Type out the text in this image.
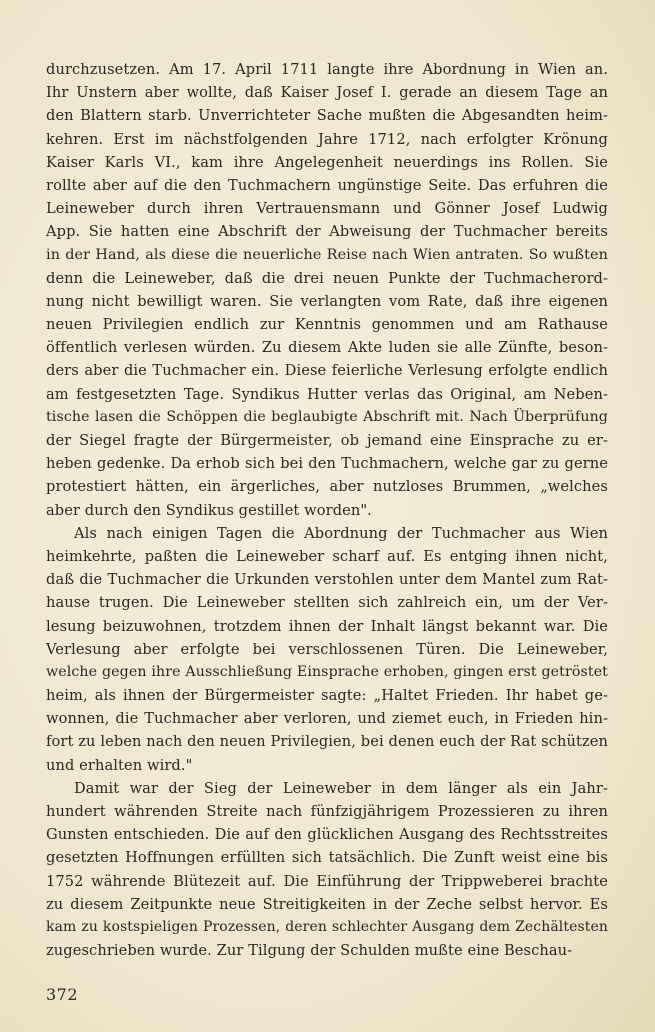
durchzusetzen. Am 17. April 1711 langte ihre Abordnung in Wien an.
Ihr Unstern aber wollte, daß Kaiser Josef I. gerade an diesem Tage an
den Blattern starb. Unverrichteter Sache mußten die Abgesandten heim-
kehren. Erst im nächstfolgenden Jahre 1712, nach erfolgter Krönung
Kaiser Karls VI., kam ihre Angelegenheit neuerdings ins Rollen. Sie
rollte aber auf die den Tuchmachern ungünstige Seite. Das erfuhren die
Leineweber durch ihren Vertrauensmann und Gönner Josef Ludwig
App. Sie hatten eine Abschrift der Abweisung der Tuchmacher bereits
in der Hand, als diese die neuerliche Reise nach Wien antraten. So wußten
denn die Leineweber, daß die drei neuen Punkte der Tuchmacherord-
nung nicht bewilligt waren. Sie verlangten vom Rate, daß ihre eigenen
neuen Privilegien endlich zur Kenntnis genommen und am Rathause
öffentlich verlesen würden. Zu diesem Akte luden sie alle Zünfte, beson-
ders aber die Tuchmacher ein. Diese feierliche Verlesung erfolgte endlich
am festgesetzten Tage. Syndikus Hutter verlas das Original, am Neben-
tische lasen die Schöppen die beglaubigte Abschrift mit. Nach Überprüfung
der Siegel fragte der Bürgermeister, ob jemand eine Einsprache zu er-
heben gedenke. Da erhob sich bei den Tuchmachern, welche gar zu gerne
protestiert hätten, ein ärgerliches, aber nutzloses Brummen, „welches
aber durch den Syndikus gestillet worden".
Als nach einigen Tagen die Abordnung der Tuchmacher aus Wien
heimkehrte, paßten die Leineweber scharf auf. Es entging ihnen nicht,
daß die Tuchmacher die Urkunden verstohlen unter dem Mantel zum Rat-
hause trugen. Die Leineweber stellten sich zahlreich ein, um der Ver-
lesung beizuwohnen, trotzdem ihnen der Inhalt längst bekannt war. Die
Verlesung aber erfolgte bei verschlossenen Türen. Die Leineweber,
welche gegen ihre Ausschließung Einsprache erhoben, gingen erst getröstet
heim, als ihnen der Bürgermeister sagte: „Haltet Frieden. Ihr habet ge-
wonnen, die Tuchmacher aber verloren, und ziemet euch, in Frieden hin-
fort zu leben nach den neuen Privilegien, bei denen euch der Rat schützen
und erhalten wird."
Damit war der Sieg der Leineweber in dem länger als ein Jahr-
hundert währenden Streite nach fünfzigjährigem Prozessieren zu ihren
Gunsten entschieden. Die auf den glücklichen Ausgang des Rechtsstreites
gesetzten Hoffnungen erfüllten sich tatsächlich. Die Zunft weist eine bis
1752 währende Blütezeit auf. Die Einführung der Trippweberei brachte
zu diesem Zeitpunkte neue Streitigkeiten in der Zeche selbst hervor. Es
kam zu kostspieligen Prozessen, deren schlechter Ausgang dem Zechältesten
zugeschrieben wurde. Zur Tilgung der Schulden mußte eine Beschau-
372
